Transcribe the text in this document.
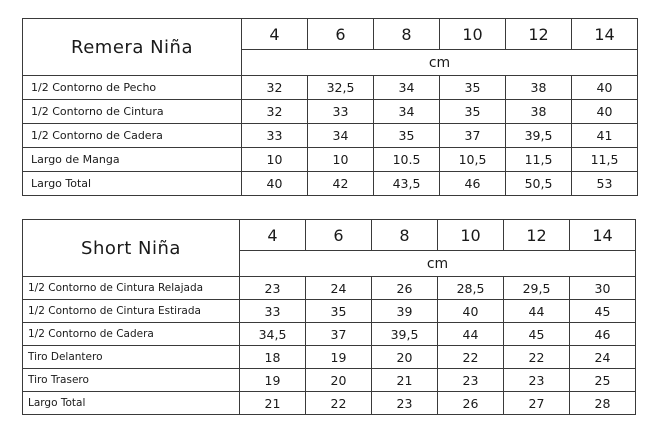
Remera Niña	4	6	8	10	12	14
	cm					
1/2 Contorno de Pecho	32	32,5	34	35	38	40
1/2 Contorno de Cintura	32	33	34	35	38	40
1/2 Contorno de Cadera	33	34	35	37	39,5	41
Largo de Manga	10	10	10.5	10,5	11,5	11,5
Largo Total	40	42	43,5	46	50,5	53
Short Niña	4	6	8	10	12	14
	cm					
1/2 Contorno de Cintura Relajada	23	24	26	28,5	29,5	30
1/2 Contorno de Cintura Estirada	33	35	39	40	44	45
1/2 Contorno de Cadera	34,5	37	39,5	44	45	46
Tiro Delantero	18	19	20	22	22	24
Tiro Trasero	19	20	21	23	23	25
Largo Total	21	22	23	26	27	28
